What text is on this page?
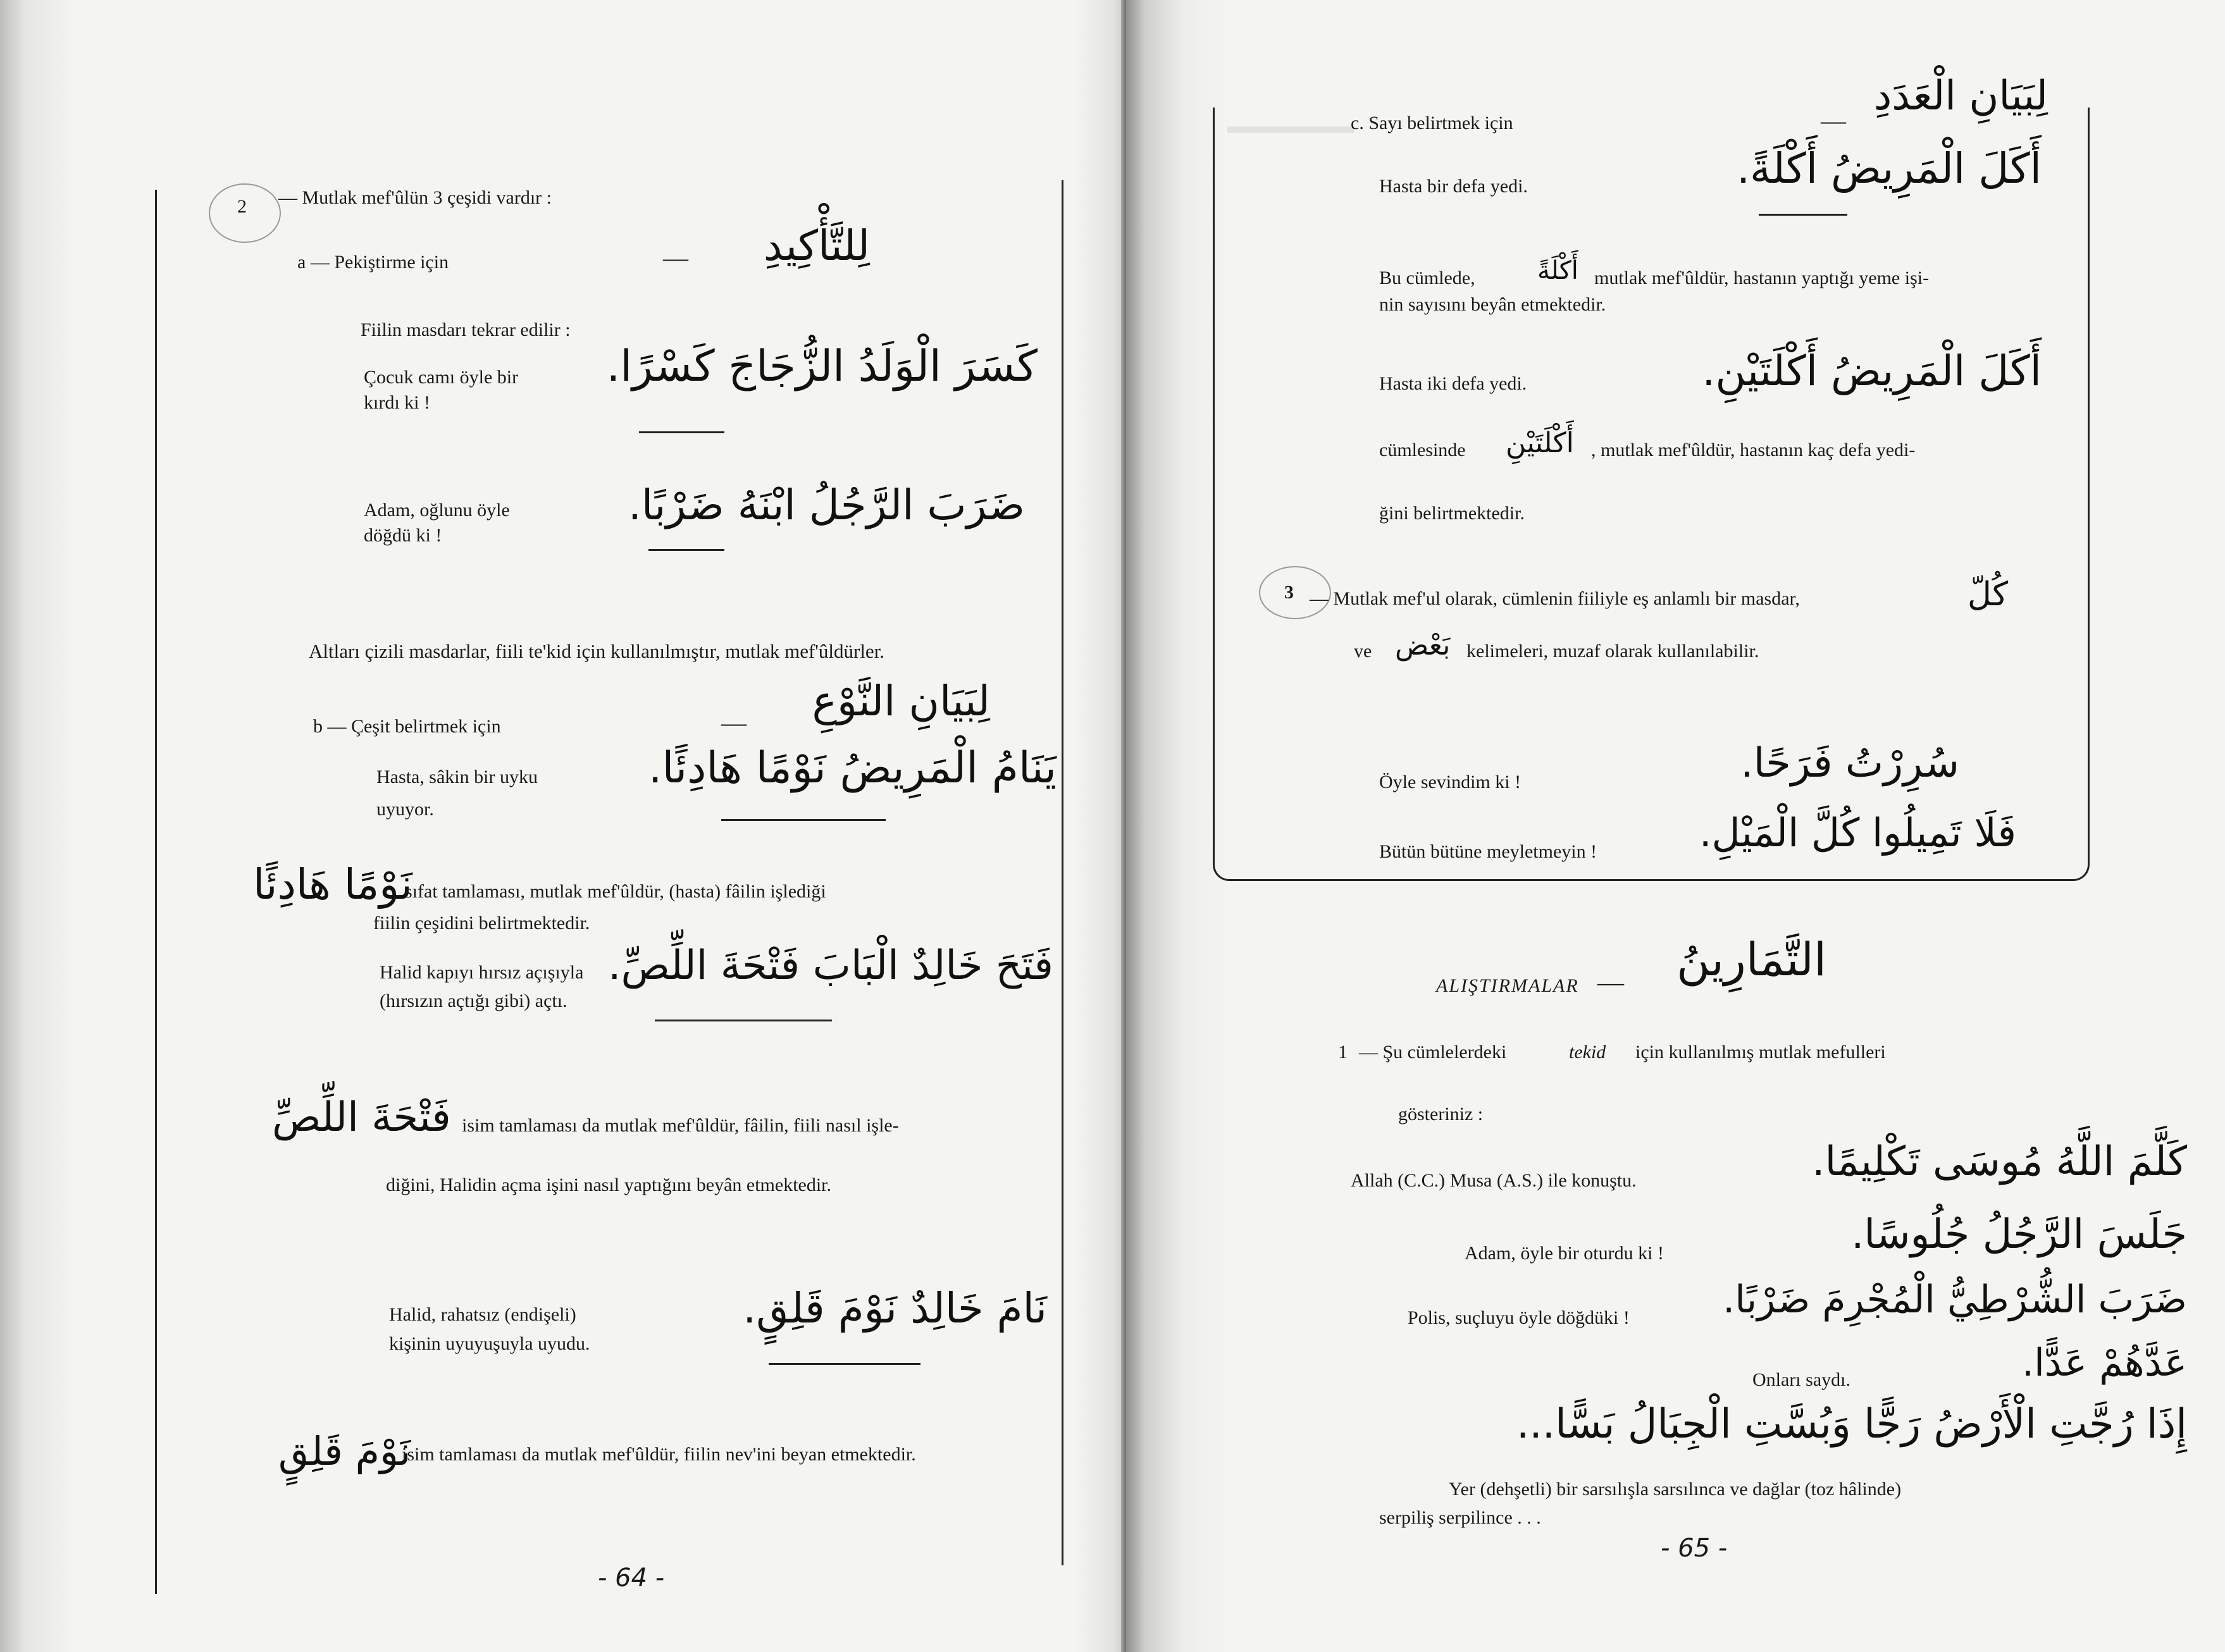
2 — Mutlak mef'ûlün 3 çeşidi vardır :
a — Pekiştirme için	— لِلتَّأْكِيدِ
Fiilin masdarı tekrar edilir :
Çocuk camı öyle bir
kırdı ki !
كَسَرَ الْوَلَدُ الزُّجَاجَ كَسْرًا.
Adam, oğlunu öyle
döğdü ki !
ضَرَبَ الرَّجُلُ ابْنَهُ ضَرْبًا.
Altları çizili masdarlar, fiili te'kid için kullanılmıştır, mutlak mef'ûldürler.
b — Çeşit belirtmek için	— لِبَيَانِ النَّوْعِ
Hasta, sâkin bir uyku
uyuyor.
يَنَامُ الْمَرِيضُ نَوْمًا هَادِئًا.
نَوْمًا هَادِئًا
sıfat tamlaması, mutlak mef'ûldür, (hasta) fâilin işlediği
fiilin çeşidini belirtmektedir.
Halid kapıyı hırsız açışıyla
(hırsızın açtığı gibi) açtı.
فَتَحَ خَالِدٌ الْبَابَ فَتْحَةَ اللِّصِّ.
فَتْحَةَ اللِّصِّ isim tamlaması da mutlak mef'ûldür, fâilin, fiili nasıl işle-
diğini, Halidin açma işini nasıl yaptığını beyân etmektedir.
Halid, rahatsız (endişeli)
kişinin uyuyuşuyla uyudu.
نَامَ خَالِدٌ نَوْمَ قَلِقٍ.
نَوْمَ قَلِقٍ
isim tamlaması da mutlak mef'ûldür, fiilin nev'ini beyan etmektedir.
- 64 -
c. Sayı belirtmek için	—
لِبَيَانِ الْعَدَدِ
Hasta bir defa yedi.	أَكَلَ الْمَرِيضُ أَكْلَةً.
Bu cümlede, أَكْلَةً mutlak mef'ûldür, hastanın yaptığı yeme işi-
nin sayısını beyân etmektedir.
Hasta iki defa yedi.	أَكَلَ الْمَرِيضُ أَكْلَتَيْنِ.
cümlesinde أَكْلَتَيْنِ , mutlak mef'ûldür, hastanın kaç defa yedi-
ğini belirtmektedir.
3 — Mutlak mef'ul olarak, cümlenin fiiliyle eş anlamlı bir masdar,	كُلّ
ve بَعْض kelimeleri, muzaf olarak kullanılabilir.
Öyle sevindim ki !	سُرِرْتُ فَرَحًا.
Bütün bütüne meyletmeyin !	فَلَا تَمِيلُوا كُلَّ الْمَيْلِ.
ALIŞTIRMALAR — التَّمَارِينُ
1 — Şu cümlelerdeki	tekid için kullanılmış mutlak mefulleri
gösteriniz :
Allah (C.C.) Musa (A.S.) ile konuştu.	كَلَّمَ اللَّهُ مُوسَى تَكْلِيمًا.
Adam, öyle bir oturdu ki !	جَلَسَ الرَّجُلُ جُلُوسًا.
Polis, suçluyu öyle döğdüki ! ضَرَبَ الشُّرْطِيُّ الْمُجْرِمَ ضَرْبًا.
Onları saydı.	عَدَّهُمْ عَدًّا.
إِذَا رُجَّتِ الْأَرْضُ رَجًّا وَبُسَّتِ الْجِبَالُ بَسًّا...
Yer (dehşetli) bir sarsılışla sarsılınca ve dağlar (toz hâlinde)
serpiliş serpilince . . .
- 65 -
